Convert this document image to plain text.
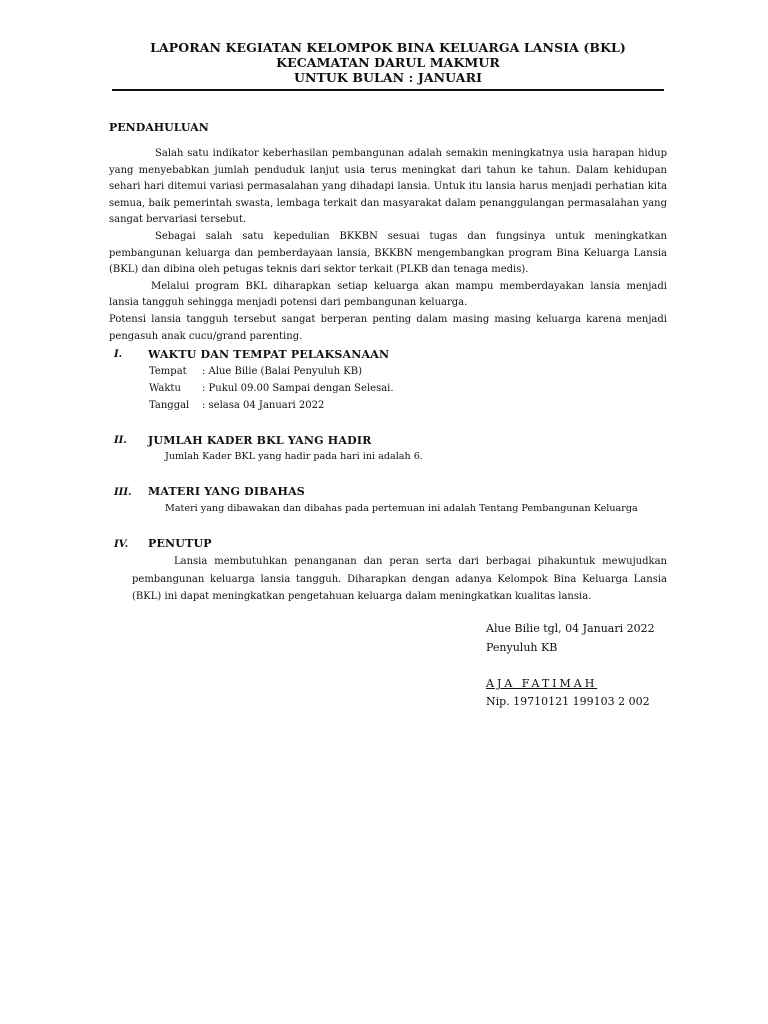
LAPORAN KEGIATAN KELOMPOK BINA KELUARGA LANSIA (BKL)
KECAMATAN DARUL MAKMUR
UNTUK BULAN : JANUARI
PENDAHULUAN

Salah satu indikator keberhasilan pembangunan adalah semakin meningkatnya usia harapan hidup yang menyebabkan jumlah penduduk lanjut usia terus meningkat dari tahun ke tahun. Dalam kehidupan sehari hari ditemui variasi permasalahan yang dihadapi lansia. Untuk itu lansia harus menjadi perhatian kita semua, baik pemerintah swasta, lembaga terkait dan masyarakat dalam penanggulangan permasalahan yang sangat bervariasi tersebut.

Sebagai salah satu kepedulian BKKBN sesuai tugas dan fungsinya untuk meningkatkan pembangunan keluarga dan pemberdayaan lansia, BKKBN mengembangkan program Bina Keluarga Lansia (BKL) dan dibina oleh petugas teknis dari sektor terkait (PLKB dan tenaga medis).

Melalui program BKL diharapkan setiap keluarga akan mampu memberdayakan lansia menjadi lansia tangguh sehingga menjadi potensi dari pembangunan keluarga.

Potensi lansia tangguh tersebut sangat berperan penting dalam masing masing keluarga karena menjadi pengasuh anak cucu/grand parenting.

I. WAKTU DAN TEMPAT PELAKSANAAN
Tempat	: Alue Bilie (Balai Penyuluh KB)
Waktu	: Pukul 09.00 Sampai dengan Selesai.
Tanggal	: selasa 04 Januari 2022
II. JUMLAH KADER BKL YANG HADIR
Jumlah Kader BKL yang hadir pada hari ini adalah 6.
III. MATERI YANG DIBAHAS
Materi yang dibawakan dan dibahas pada pertemuan ini adalah Tentang Pembangunan Keluarga
IV. PENUTUP

Lansia membutuhkan penanganan dan peran serta dari berbagai pihakuntuk mewujudkan pembangunan keluarga lansia tangguh. Diharapkan dengan adanya Kelompok Bina Keluarga Lansia (BKL) ini dapat meningkatkan pengetahuan keluarga dalam meningkatkan kualitas lansia.

Alue Bilie tgl, 04 Januari 2022
Penyuluh KB
AJA FATIMAH
Nip. 19710121 199103 2 002
